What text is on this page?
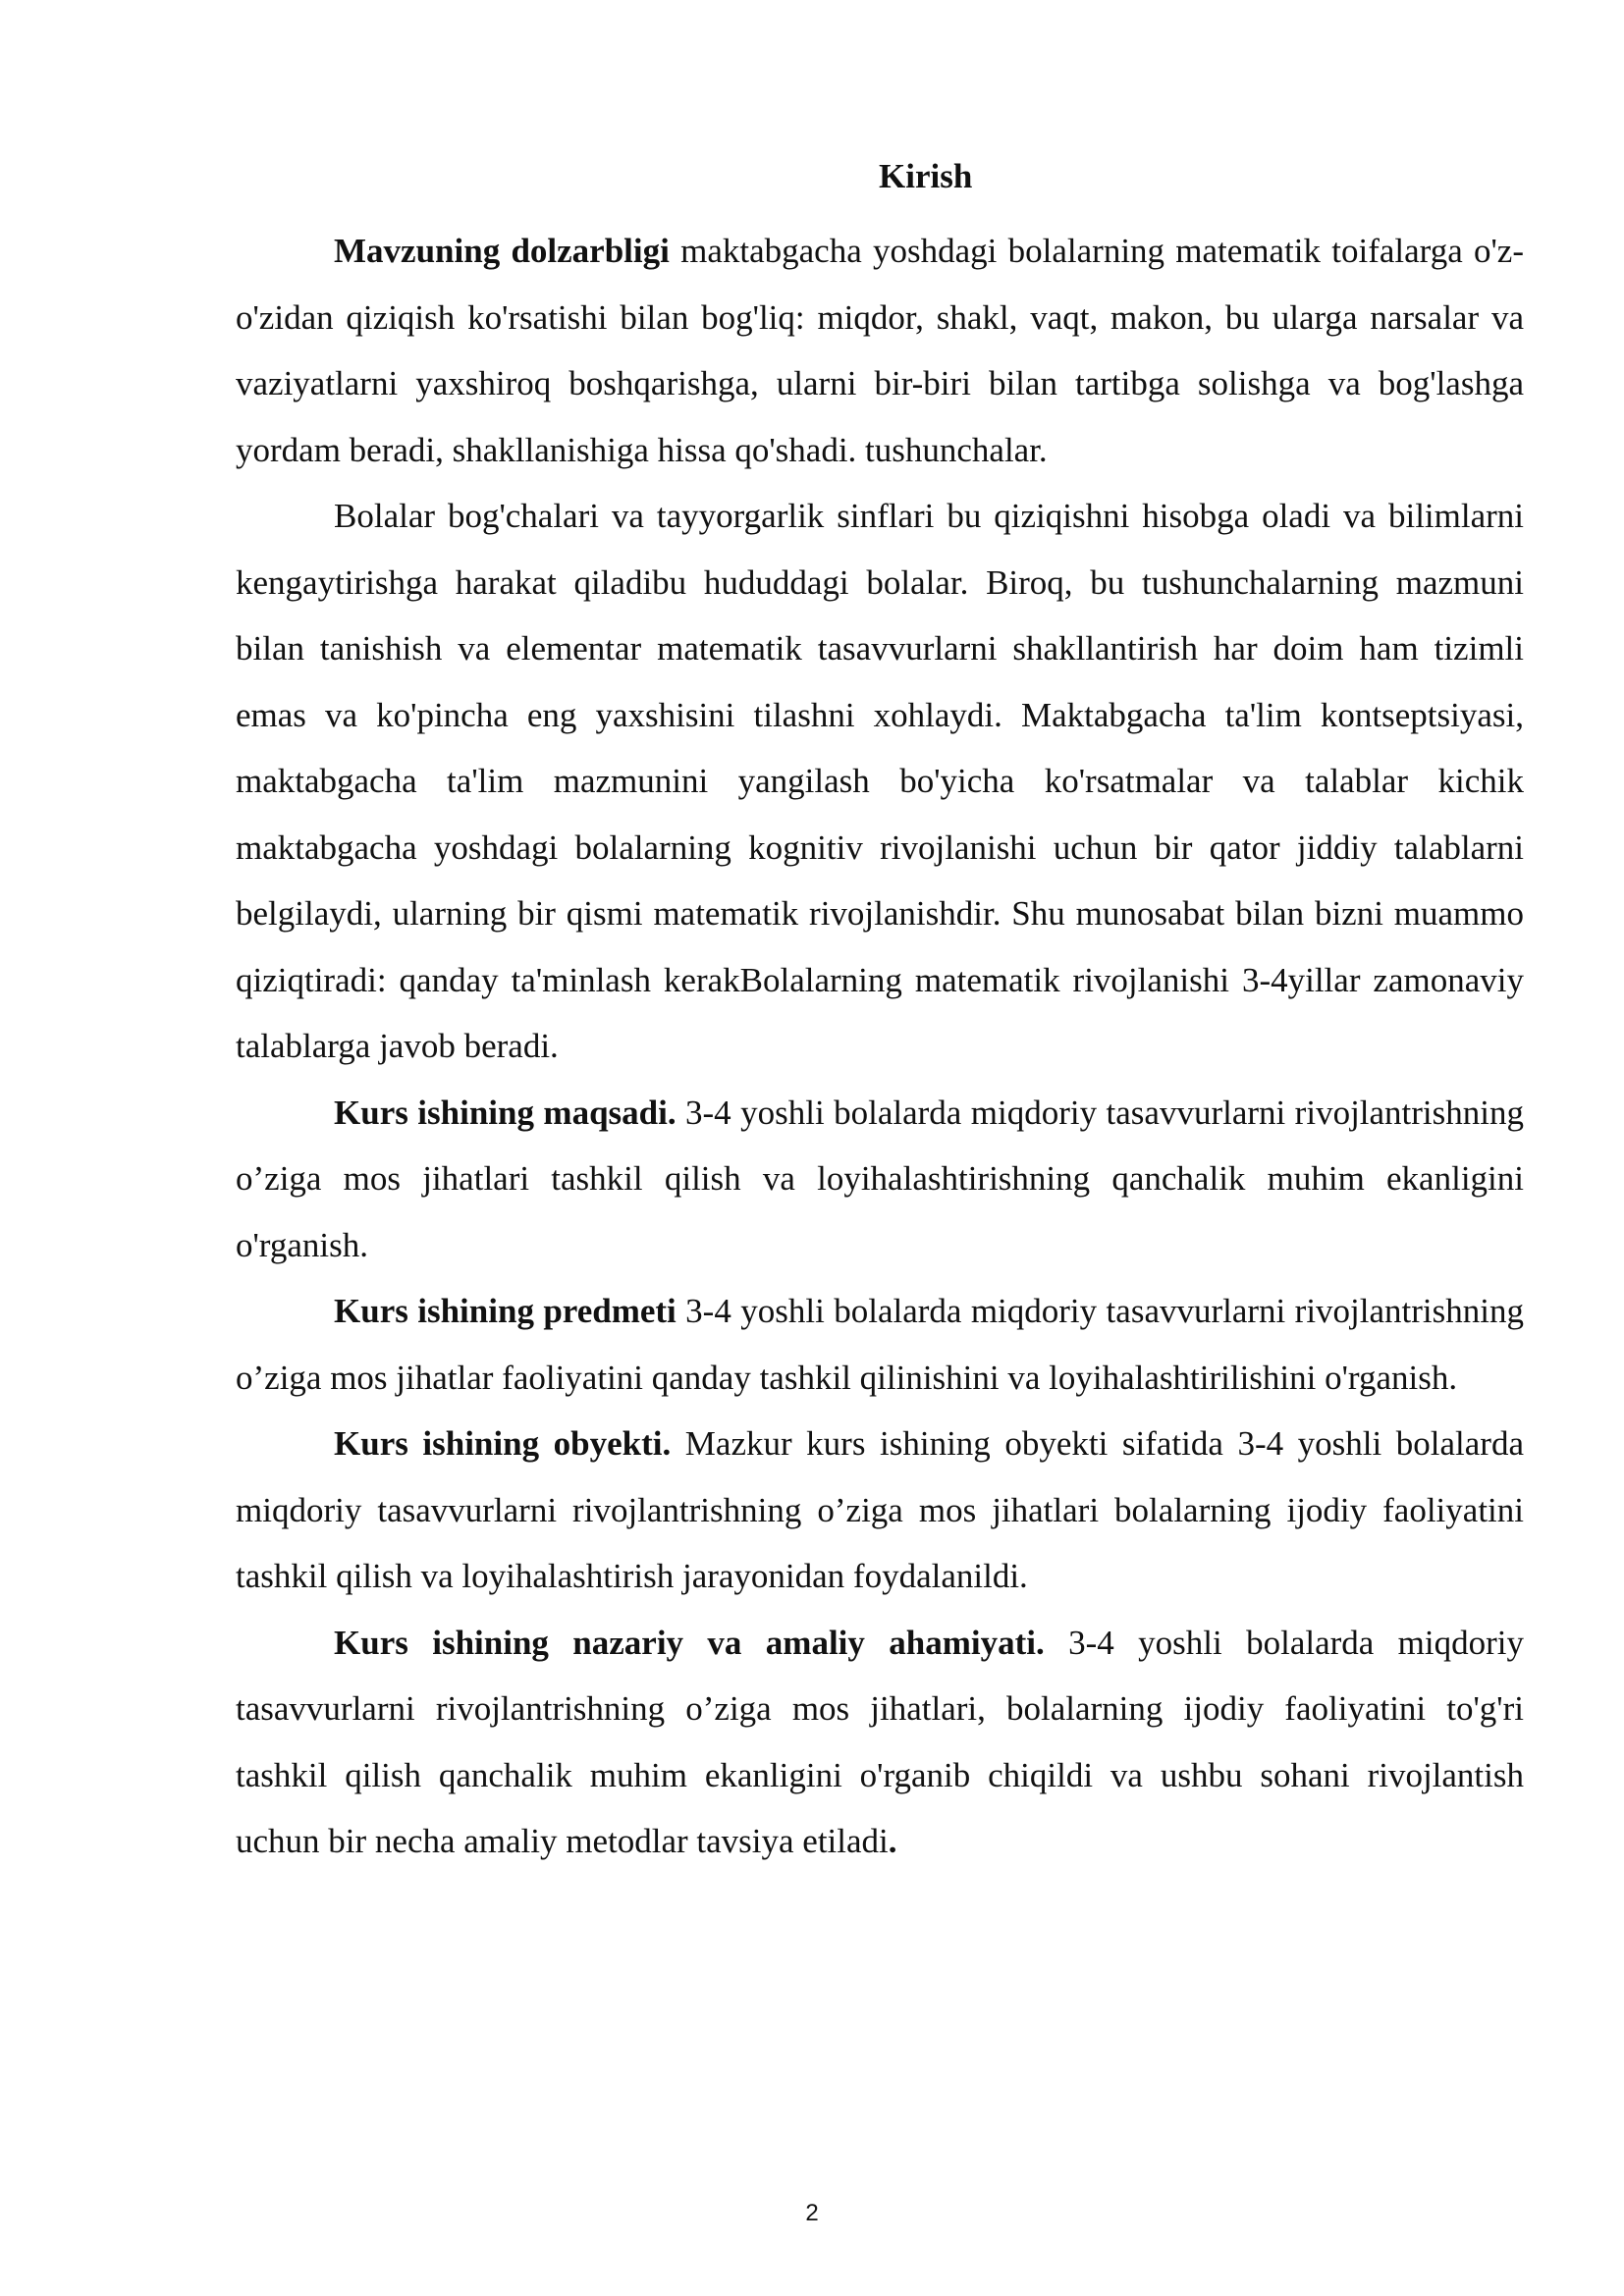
Kirish

Mavzuning dolzarbligi maktabgacha yoshdagi bolalarning matematik toifalarga o'z-o'zidan qiziqish ko'rsatishi bilan bog'liq: miqdor, shakl, vaqt, makon, bu ularga narsalar va vaziyatlarni yaxshiroq boshqarishga, ularni bir-biri bilan tartibga solishga va bog'lashga yordam beradi, shakllanishiga hissa qo'shadi. tushunchalar.

Bolalar bog'chalari va tayyorgarlik sinflari bu qiziqishni hisobga oladi va bilimlarni kengaytirishga harakat qiladibu hududdagi bolalar. Biroq, bu tushunchalarning mazmuni bilan tanishish va elementar matematik tasavvurlarni shakllantirish har doim ham tizimli emas va ko'pincha eng yaxshisini tilashni xohlaydi. Maktabgacha ta'lim kontseptsiyasi, maktabgacha ta'lim mazmunini yangilash bo'yicha ko'rsatmalar va talablar kichik maktabgacha yoshdagi bolalarning kognitiv rivojlanishi uchun bir qator jiddiy talablarni belgilaydi, ularning bir qismi matematik rivojlanishdir. Shu munosabat bilan bizni muammo qiziqtiradi: qanday ta'minlash kerakBolalarning matematik rivojlanishi 3-4yillar zamonaviy talablarga javob beradi.

Kurs ishining maqsadi. 3-4 yoshli bolalarda miqdoriy tasavvurlarni rivojlantrishning o’ziga mos jihatlari tashkil qilish va loyihalashtirishning qanchalik muhim ekanligini o'rganish.

Kurs ishining predmeti 3-4 yoshli bolalarda miqdoriy tasavvurlarni rivojlantrishning o’ziga mos jihatlar faoliyatini qanday tashkil qilinishini va loyihalashtirilishini o'rganish.

Kurs ishining obyekti. Mazkur kurs ishining obyekti sifatida 3-4 yoshli bolalarda miqdoriy tasavvurlarni rivojlantrishning o’ziga mos jihatlari bolalarning ijodiy faoliyatini tashkil qilish va loyihalashtirish jarayonidan foydalanildi.

Kurs ishining nazariy va amaliy ahamiyati. 3-4 yoshli bolalarda miqdoriy tasavvurlarni rivojlantrishning o’ziga mos jihatlari, bolalarning ijodiy faoliyatini to'g'ri tashkil qilish qanchalik muhim ekanligini o'rganib chiqildi va ushbu sohani rivojlantish uchun bir necha amaliy metodlar tavsiya etiladi.

2
